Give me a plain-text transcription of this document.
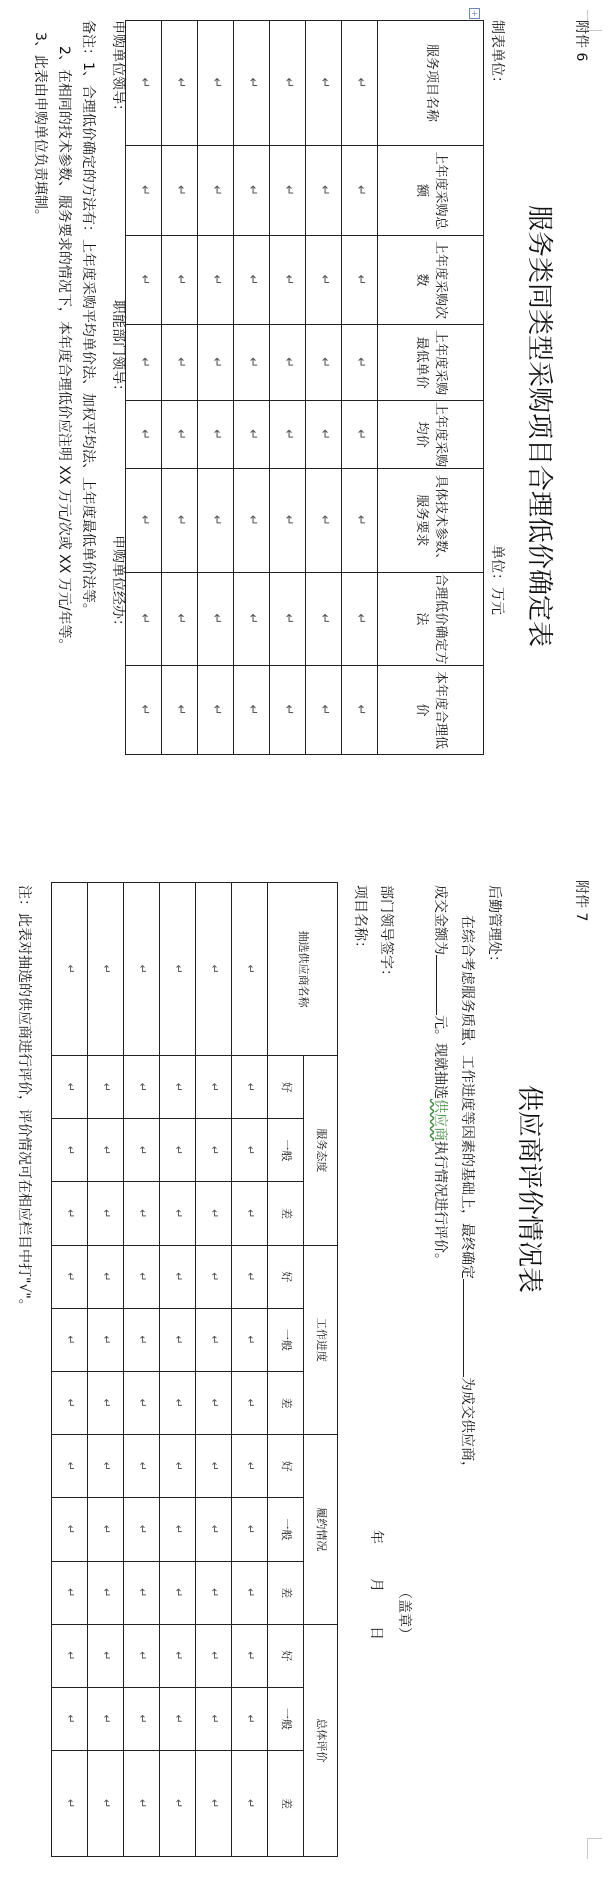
附件 6
服务类同类型采购项目合理低价确定表
+
制表单位：
单位：万元
服务项目名称	上年度采购总额	上年度采购次数	上年度采购最低单价	上年度采购均价	具体技术参数、服务要求	合理低价确定方法	本年度合理低价
↵	↵	↵	↵	↵	↵	↵	↵
↵	↵	↵	↵	↵	↵	↵	↵
↵	↵	↵	↵	↵	↵	↵	↵
↵	↵	↵	↵	↵	↵	↵	↵
↵	↵	↵	↵	↵	↵	↵	↵
↵	↵	↵	↵	↵	↵	↵	↵
↵	↵	↵	↵	↵	↵	↵	↵
申购单位领导：
职能部门领导：
申购单位经办：
备注：1、合理低价确定的方法有：上年度采购平均单价法、加权平均法、上年度最低单价法等。
2、在相同的技术参数、服务要求的情况下，本年度合理低价应注明 XX 万元/次或 XX 万元/年等。
3、此表由申购单位负责填制。
附件 7
供应商评价情况表
后勤管理处：
在综合考虑服务质量、工作进度等因素的基础上，最终确定为成交供应商，
成交金额为元。现就抽选供应商执行情况进行评价。
（盖章）
部门领导签字：
年
月
日
项目名称：
抽选供应商名称	服务态度			工作进度			履约情况			总体评价		
	好	一般	差	好	一般	差	好	一般	差	好	一般	差
↵	↵	↵	↵	↵	↵	↵	↵	↵	↵	↵	↵	↵
↵	↵	↵	↵	↵	↵	↵	↵	↵	↵	↵	↵	↵
↵	↵	↵	↵	↵	↵	↵	↵	↵	↵	↵	↵	↵
↵	↵	↵	↵	↵	↵	↵	↵	↵	↵	↵	↵	↵
↵	↵	↵	↵	↵	↵	↵	↵	↵	↵	↵	↵	↵
↵	↵	↵	↵	↵	↵	↵	↵	↵	↵	↵	↵	↵
注：此表对抽选的供应商进行评价，评价情况可在相应栏目中打"√"。
